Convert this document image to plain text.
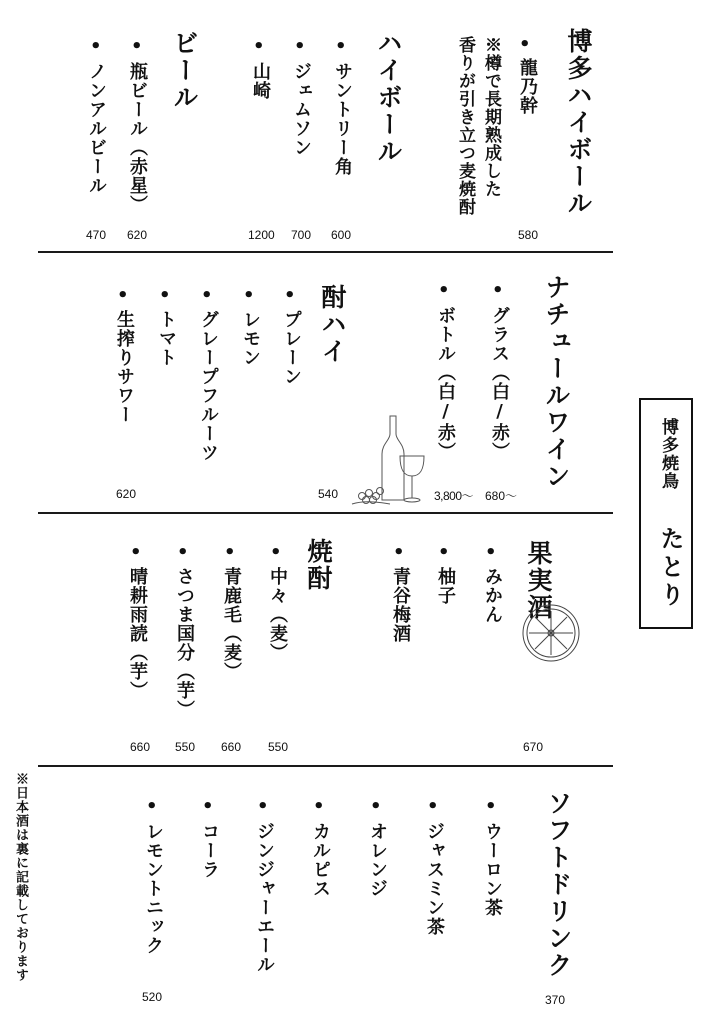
博多ハイボール
•
龍乃幹
580
※樽で長期熟成した
香りが引き立つ麦焼酎
ハイボール
•
サントリー角
600
•
ジェムソン
700
•
山崎
1200
ビール
•
瓶ビール（赤星）
620
•
ノンアルビール
470
ナチュールワイン
•
グラス（白/赤）
680〜
•
ボトル（白/赤）
3,800〜
酎ハイ
•
プレーン
•
レモン
•
グレープフルーツ
•
トマト
•
生搾りサワー
540
620
果実酒
•
みかん
•
柚子
•
青谷梅酒
670
焼酎
•
中々（麦）
550
•
青鹿毛（麦）
660
•
さつま国分（芋）
550
•
晴耕雨読（芋）
660
ソフトドリンク
•
ウーロン茶
•
ジャスミン茶
•
オレンジ
•
カルピス
•
ジンジャーエール
•
コーラ
•
レモントニック
370
520
※日本酒は裏に記載しております
博多焼鳥
たとり
